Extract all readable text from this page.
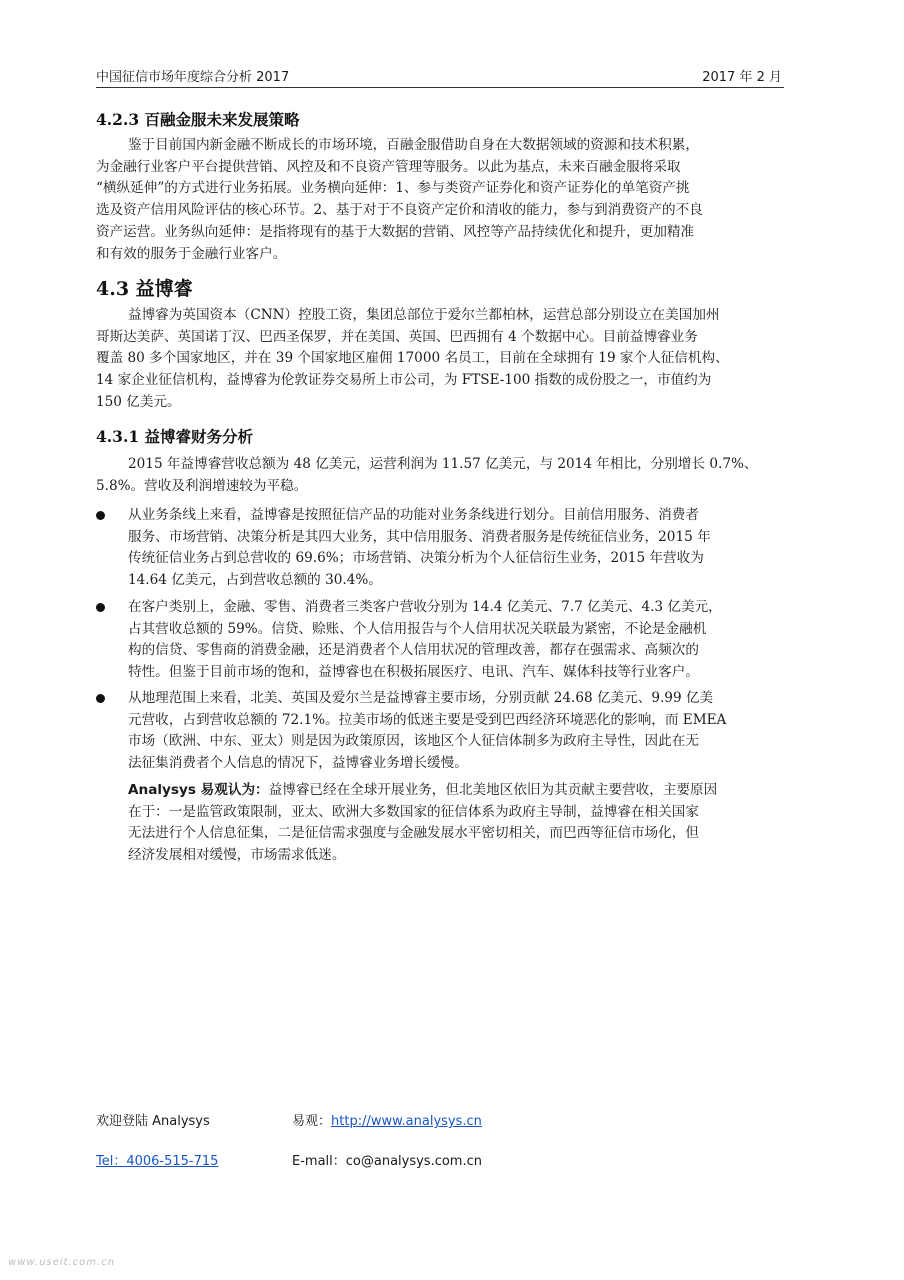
中国征信市场年度综合分析 2017	2017 年 2 月
4.2.3 百融金服未来发展策略
鉴于目前国内新金融不断成长的市场环境，百融金服借助自身在大数据领域的资源和技术积累，
为金融行业客户平台提供营销、风控及和不良资产管理等服务。以此为基点，未来百融金服将采取
“横纵延伸”的方式进行业务拓展。业务横向延伸：1、参与类资产证券化和资产证券化的单笔资产挑
选及资产信用风险评估的核心环节。2、基于对于不良资产定价和清收的能力，参与到消费资产的不良
资产运营。业务纵向延伸：是指将现有的基于大数据的营销、风控等产品持续优化和提升，更加精准
和有效的服务于金融行业客户。
4.3 益博睿
益博睿为英国资本（CNN）控股工资，集团总部位于爱尔兰都柏林，运营总部分别设立在美国加州
哥斯达美萨、英国诺丁汉、巴西圣保罗，并在美国、英国、巴西拥有 4 个数据中心。目前益博睿业务
覆盖 80 多个国家地区，并在 39 个国家地区雇佣 17000 名员工，目前在全球拥有 19 家个人征信机构、
14 家企业征信机构，益博睿为伦敦证券交易所上市公司，为 FTSE-100 指数的成份股之一，市值约为
150 亿美元。
4.3.1 益博睿财务分析
2015 年益博睿营收总额为 48 亿美元，运营利润为 11.57 亿美元，与 2014 年相比，分别增长 0.7%、
5.8%。营收及利润增速较为平稳。
从业务条线上来看，益博睿是按照征信产品的功能对业务条线进行划分。目前信用服务、消费者
服务、市场营销、决策分析是其四大业务，其中信用服务、消费者服务是传统征信业务，2015 年
传统征信业务占到总营收的 69.6%；市场营销、决策分析为个人征信衍生业务，2015 年营收为
14.64 亿美元，占到营收总额的 30.4%。
在客户类别上，金融、零售、消费者三类客户营收分别为 14.4 亿美元、7.7 亿美元、4.3 亿美元，
占其营收总额的 59%。信贷、赊账、个人信用报告与个人信用状况关联最为紧密，不论是金融机
构的信贷、零售商的消费金融，还是消费者个人信用状况的管理改善，都存在强需求、高频次的
特性。但鉴于目前市场的饱和，益博睿也在积极拓展医疗、电讯、汽车、媒体科技等行业客户。
从地理范围上来看，北美、英国及爱尔兰是益博睿主要市场，分别贡献 24.68 亿美元、9.99 亿美
元营收，占到营收总额的 72.1%。拉美市场的低迷主要是受到巴西经济环境恶化的影响，而 EMEA
市场（欧洲、中东、亚太）则是因为政策原因，该地区个人征信体制多为政府主导性，因此在无
法征集消费者个人信息的情况下，益博睿业务增长缓慢。
Analysys 易观认为：益博睿已经在全球开展业务，但北美地区依旧为其贡献主要营收，主要原因
在于：一是监管政策限制，亚太、欧洲大多数国家的征信体系为政府主导制，益博睿在相关国家
无法进行个人信息征集，二是征信需求强度与金融发展水平密切相关，而巴西等征信市场化，但
经济发展相对缓慢，市场需求低迷。
欢迎登陆 Analysys	易观：http://www.analysys.cn
Tel：4006-515-715	E-mall：co@analysys.com.cn
www.useit.com.cn
